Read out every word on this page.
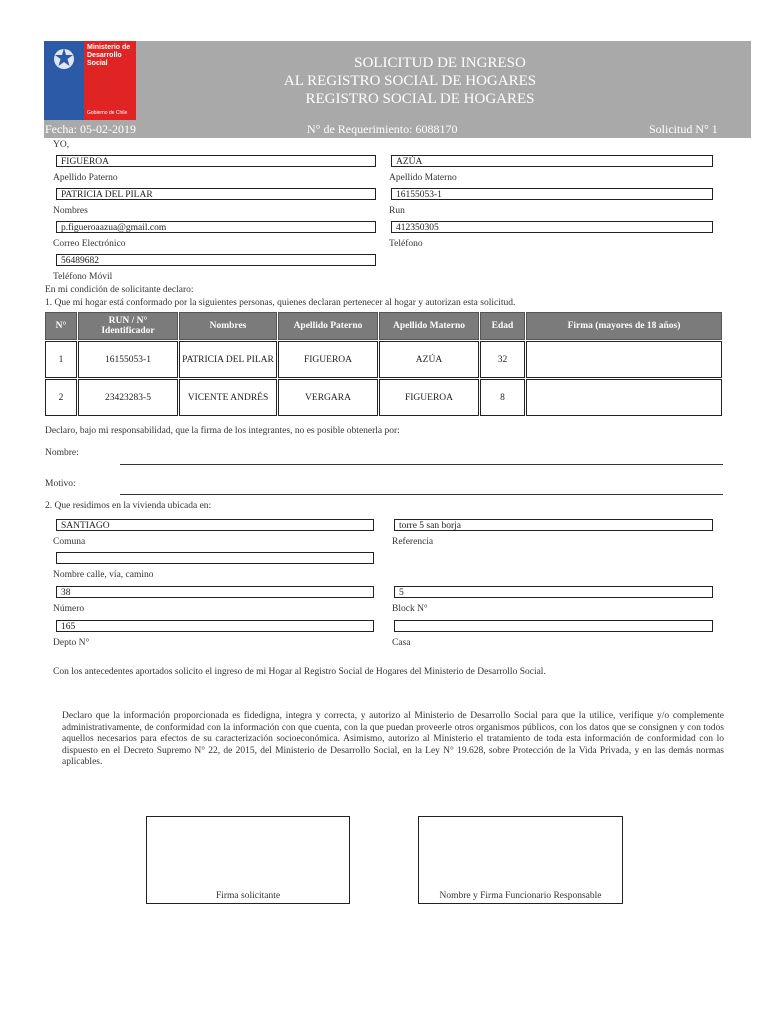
Ministerio de Desarrollo Social
Gobierno de Chile
SOLICITUD DE INGRESO
AL REGISTRO SOCIAL DE HOGARES
REGISTRO SOCIAL DE HOGARES
Fecha: 05-02-2019	N° de Requerimiento: 6088170	Solicitud N° 1
YO,
FIGUEROA	AZÚA
Apellido Paterno	Apellido Materno
PATRICIA DEL PILAR	16155053-1
Nombres	Run
p.figueroaazua@gmail.com	412350305
Correo Electrónico	Teléfono
56489682
Teléfono Móvil
En mi condición de solicitante declaro:
1. Que mi hogar está conformado por la siguientes personas, quienes declaran pertenecer al hogar y autorizan esta solicitud.
N°	RUN / N° Identificador	Nombres	Apellido Paterno	Apellido Materno	Edad	Firma (mayores de 18 años)
1	16155053-1	PATRICIA DEL PILAR	FIGUEROA	AZÚA	32	
2	23423283-5	VICENTE ANDRÉS	VERGARA	FIGUEROA	8	
Declaro, bajo mi responsabilidad, que la firma de los integrantes, no es posible obtenerla por:
Nombre:
Motivo:
2. Que residimos en la vivienda ubicada en:
SANTIAGO	torre 5 san borja
Comuna	Referencia
Nombre calle, vía, camino
38	5
Número	Block N°
165
Depto N°	Casa
Con los antecedentes aportados solicito el ingreso de mi Hogar al Registro Social de Hogares del Ministerio de Desarrollo Social.
Declaro que la información proporcionada es fidedigna, integra y correcta, y autorizo al Ministerio de Desarrollo Social para que la utilice, verifique y/o complemente administrativamente, de conformidad con la información con que cuenta, con la que puedan proveerle otros organismos públicos, con los datos que se consignen y con todos aquellos necesarios para efectos de su caracterización socioeconómica. Asimismo, autorizo al Ministerio el tratamiento de toda esta información de conformidad con lo dispuesto en el Decreto Supremo N° 22, de 2015, del Ministerio de Desarrollo Social, en la Ley N° 19.628, sobre Protección de la Vida Privada, y en las demás normas aplicables.
Firma solicitante	Nombre y Firma Funcionario Responsable
